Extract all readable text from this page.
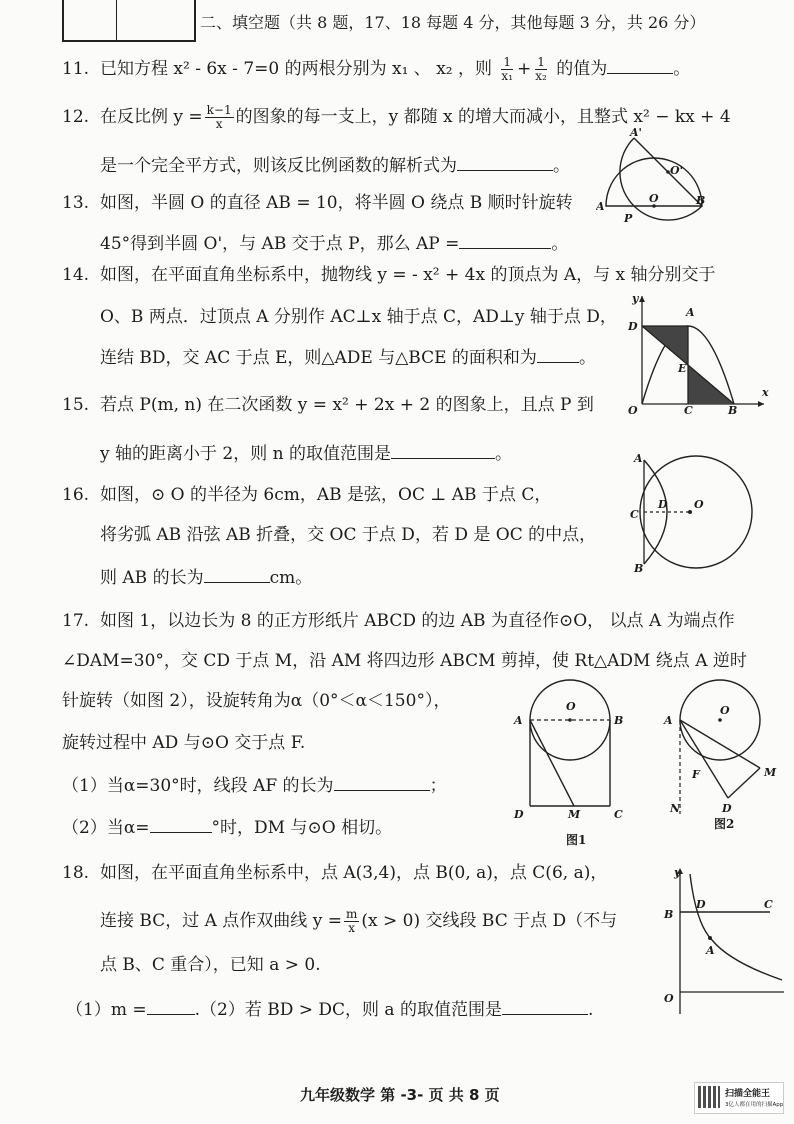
二、填空题（共 8 题，17、18 每题 4 分，其他每题 3 分，共 26 分）
11. 已知方程 x² - 6x - 7=0 的两根分别为 x₁ 、 x₂ ，则 $\frac{1}{\text{x₁}} + \frac{1}{\text{x₂}}$ 的值为	。
12. 在反比例 $y = \frac{k-1}{x}$ 的图象的每一支上，y 都随 x 的增大而减小，且整式 x² − kx + 4
是一个完全平方式，则该反比例函数的解析式为	。
13. 如图，半圆 O 的直径 AB = 10，将半圆 O 绕点 B 顺时针旋转
45°得到半圆 O'，与 AB 交于点 P，那么 AP =	。
14. 如图，在平面直角坐标系中，抛物线 y = - x² + 4x 的顶点为 A，与 x 轴分别交于
O、B 两点．过顶点 A 分别作 AC⊥x 轴于点 C，AD⊥y 轴于点 D，
连结 BD，交 AC 于点 E，则△ADE 与△BCE 的面积和为 。
15. 若点 P(m, n) 在二次函数 y = x² + 2x + 2 的图象上，且点 P 到
y 轴的距离小于 2，则 n 的取值范围是	。
16. 如图，⊙ O 的半径为 6cm，AB 是弦，OC ⊥ AB 于点 C，
将劣弧 AB 沿弦 AB 折叠，交 OC 于点 D，若 D 是 OC 的中点，
则 AB 的长为	cm。
17. 如图 1，以边长为 8 的正方形纸片 ABCD 的边 AB 为直径作⊙O， 以点 A 为端点作
∠DAM=30°，交 CD 于点 M，沿 AM 将四边形 ABCM 剪掉，使 Rt△ADM 绕点 A 逆时
针旋转（如图 2），设旋转角为α（0°＜α＜150°），
旋转过程中 AD 与⊙O 交于点 F.
（1）当α=30°时，线段 AF 的长为	；
（2）当α=	°时，DM 与⊙O 相切。
18. 如图，在平面直角坐标系中，点 A(3,4)，点 B(0, a)，点 C(6, a)，
连接 BC，过 A 点作双曲线 $y = \frac{m}{x} (x > 0)$ 交线段 BC 于点 D（不与
点 B、C 重合），已知 a > 0.
（1）m =	.（2）若 BD > DC，则 a 的取值范围是	.
A'
O'
A
P
O	B
y
D
A
E
O	C	B
x
A
C
D O
B
A
O
B
D	M	C
图1
A
O
F	M
N	D
图2
y
B
D	C
A
O
九年级数学 第 -3- 页 共 8 页	扫描全能王
3亿人都在用的扫描App
